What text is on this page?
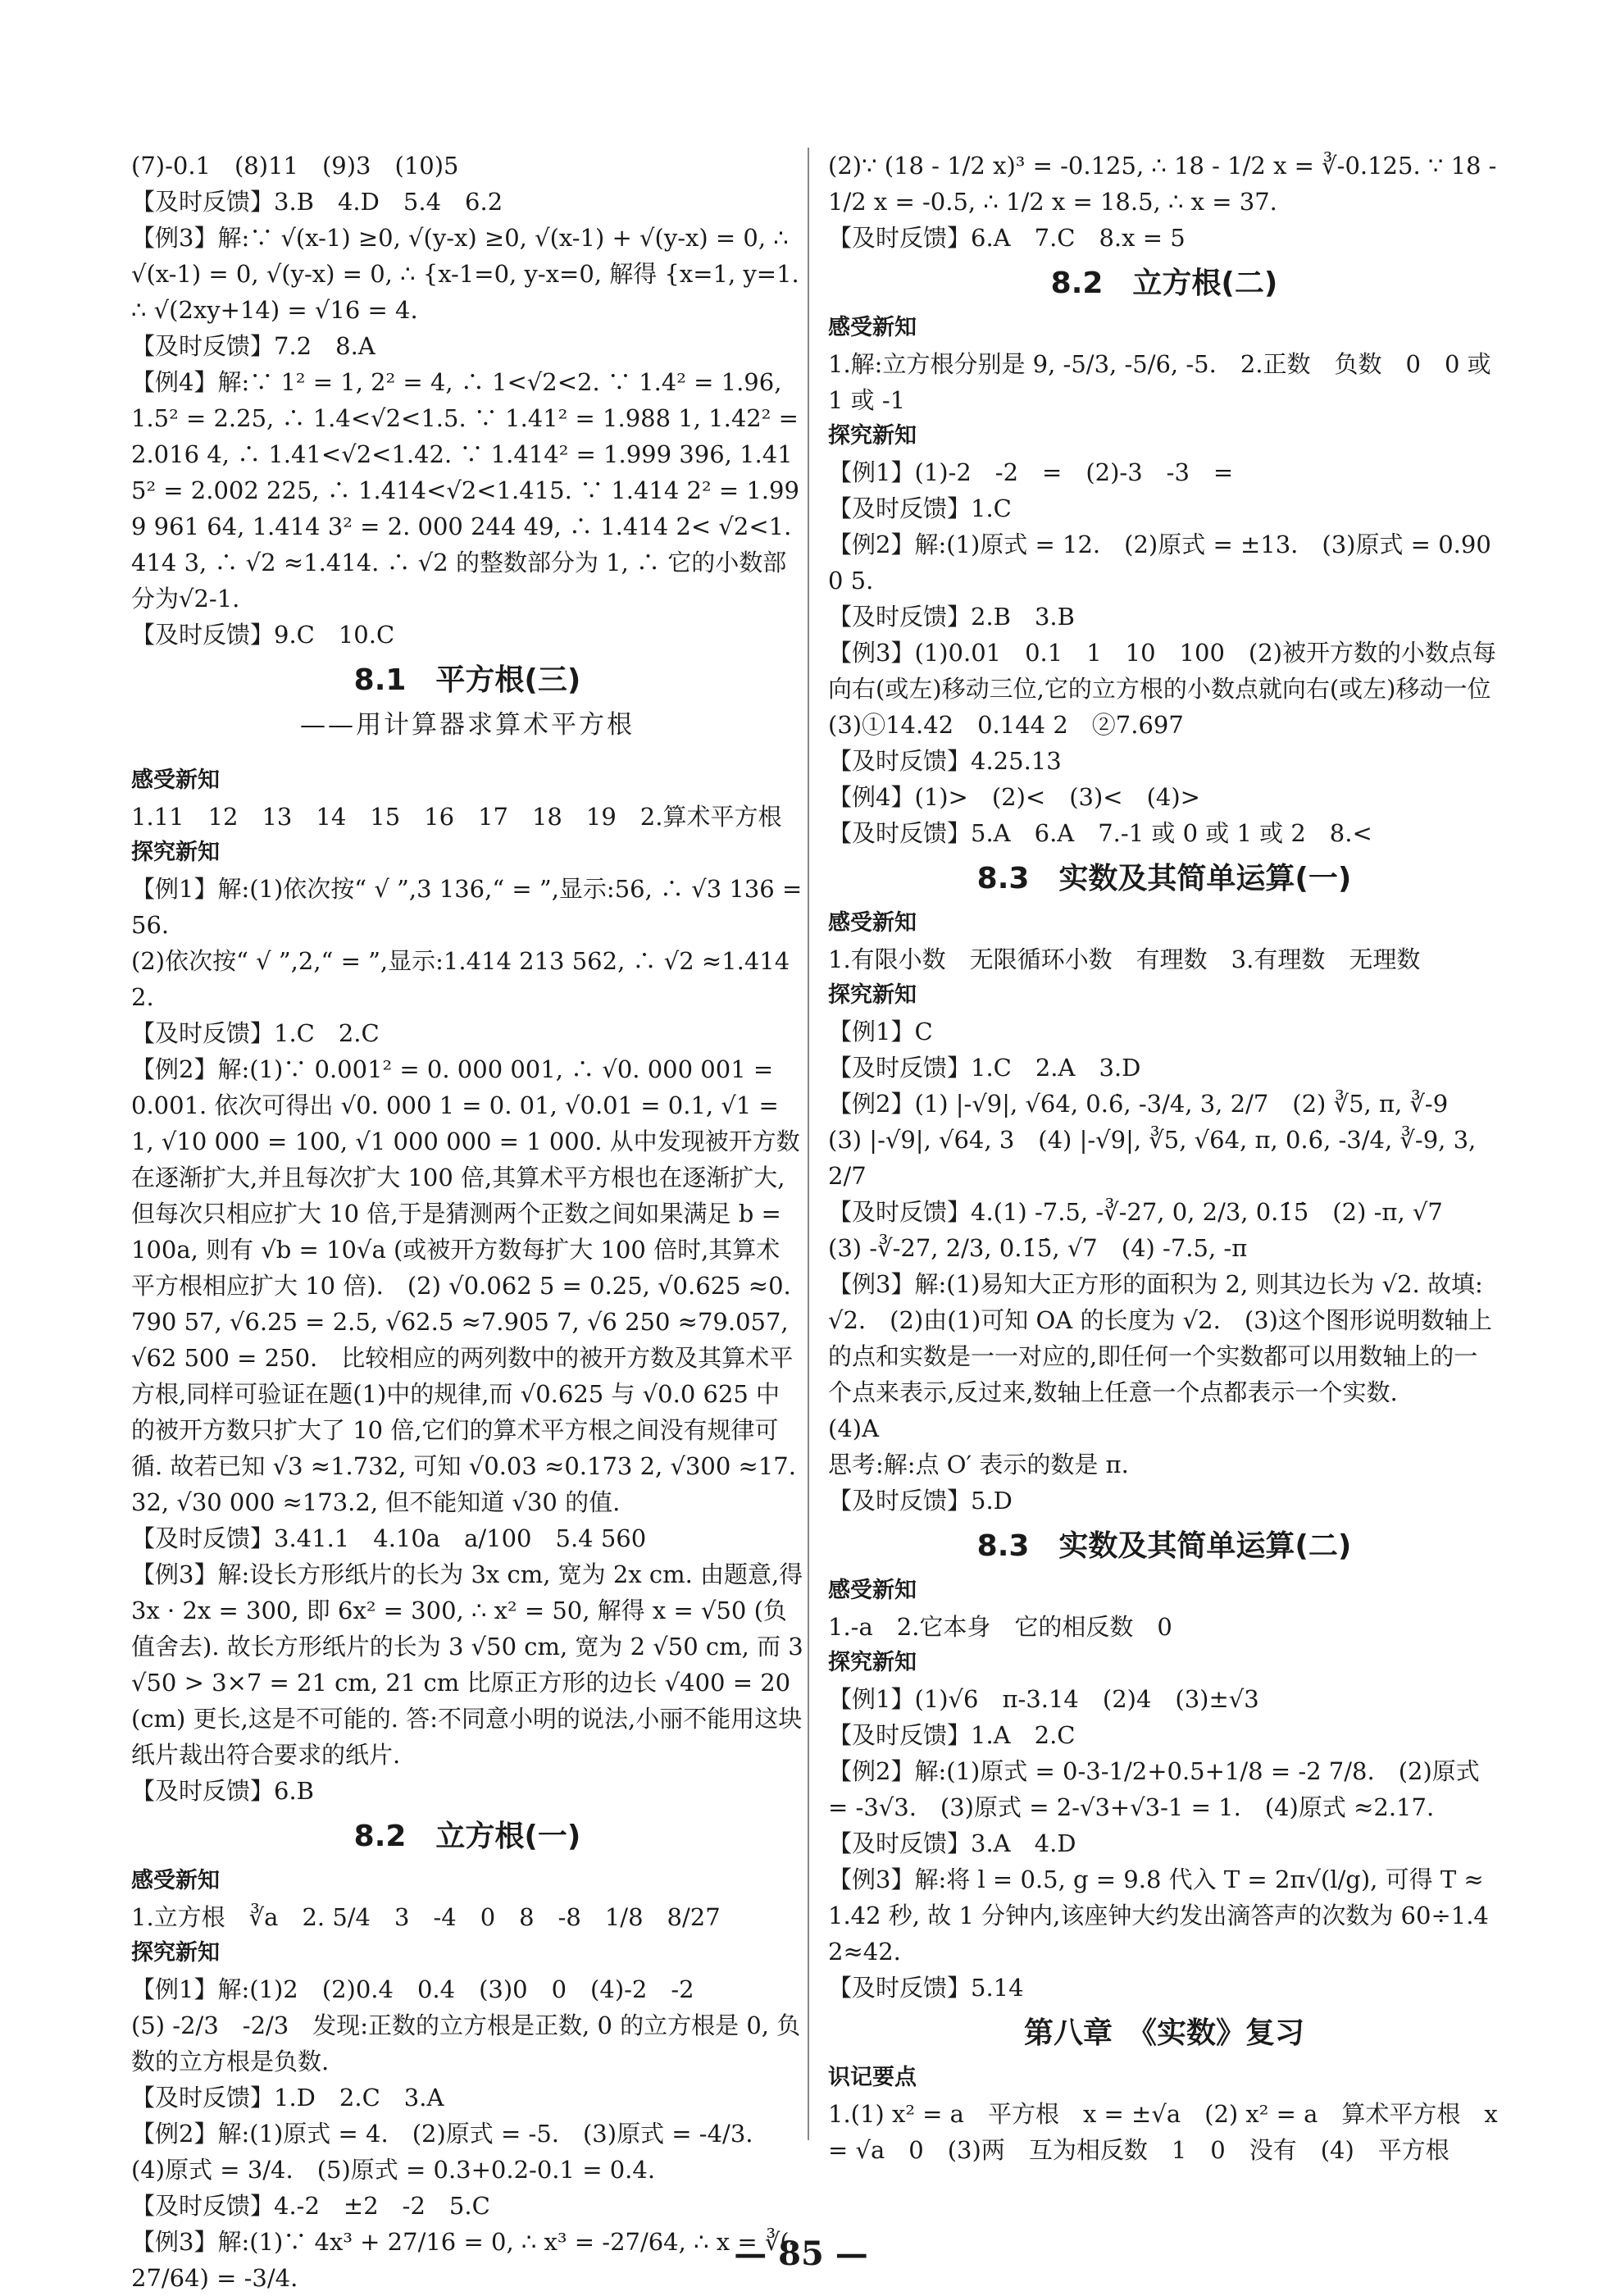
(7)-0.1　(8)11　(9)3　(10)5
【及时反馈】3.B　4.D　5.4　6.2
【例3】解:∵ √(x-1) ≥0, √(y-x) ≥0, √(x-1) + √(y-x) = 0, ∴ √(x-1) = 0, √(y-x) = 0, ∴ {x-1=0, y-x=0, 解得 {x=1, y=1. ∴ √(2xy+14) = √16 = 4.
【及时反馈】7.2　8.A
【例4】解:∵ 1² = 1, 2² = 4, ∴ 1<√2<2. ∵ 1.4² = 1.96, 1.5² = 2.25, ∴ 1.4<√2<1.5. ∵ 1.41² = 1.988 1, 1.42² = 2.016 4, ∴ 1.41<√2<1.42. ∵ 1.414² = 1.999 396, 1.415² = 2.002 225, ∴ 1.414<√2<1.415. ∵ 1.414 2² = 1.999 961 64, 1.414 3² = 2. 000 244 49, ∴ 1.414 2< √2<1.414 3, ∴ √2 ≈1.414. ∴ √2 的整数部分为 1, ∴ 它的小数部分为√2-1.
【及时反馈】9.C　10.C
8.1　平方根(三)
——用计算器求算术平方根
感受新知
1.11　12　13　14　15　16　17　18　19　2.算术平方根
探究新知
【例1】解:(1)依次按“ √ ”,3 136,“ = ”,显示:56, ∴ √3 136 = 56.
(2)依次按“ √ ”,2,“ = ”,显示:1.414 213 562, ∴ √2 ≈1.414 2.
【及时反馈】1.C　2.C
【例2】解:(1)∵ 0.001² = 0. 000 001, ∴ √0. 000 001 = 0.001. 依次可得出 √0. 000 1 = 0. 01, √0.01 = 0.1, √1 = 1, √10 000 = 100, √1 000 000 = 1 000. 从中发现被开方数在逐渐扩大,并且每次扩大 100 倍,其算术平方根也在逐渐扩大,但每次只相应扩大 10 倍,于是猜测两个正数之间如果满足 b = 100a, 则有 √b = 10√a (或被开方数每扩大 100 倍时,其算术平方根相应扩大 10 倍).　(2) √0.062 5 = 0.25, √0.625 ≈0.790 57, √6.25 = 2.5, √62.5 ≈7.905 7, √6 250 ≈79.057, √62 500 = 250.　比较相应的两列数中的被开方数及其算术平方根,同样可验证在题(1)中的规律,而 √0.625 与 √0.0 625 中的被开方数只扩大了 10 倍,它们的算术平方根之间没有规律可循. 故若已知 √3 ≈1.732, 可知 √0.03 ≈0.173 2, √300 ≈17.32, √30 000 ≈173.2, 但不能知道 √30 的值.
【及时反馈】3.41.1　4.10a　a/100　5.4 560
【例3】解:设长方形纸片的长为 3x cm, 宽为 2x cm. 由题意,得 3x · 2x = 300, 即 6x² = 300, ∴ x² = 50, 解得 x = √50 (负值舍去). 故长方形纸片的长为 3 √50 cm, 宽为 2 √50 cm, 而 3 √50 > 3×7 = 21 cm, 21 cm 比原正方形的边长 √400 = 20 (cm) 更长,这是不可能的. 答:不同意小明的说法,小丽不能用这块纸片裁出符合要求的纸片.
【及时反馈】6.B
8.2　立方根(一)
感受新知
1.立方根　∛a　2. 5/4　3　-4　0　8　-8　1/8　8/27
探究新知
【例1】解:(1)2　(2)0.4　0.4　(3)0　0　(4)-2　-2
(5) -2/3　-2/3　发现:正数的立方根是正数, 0 的立方根是 0, 负数的立方根是负数.
【及时反馈】1.D　2.C　3.A
【例2】解:(1)原式 = 4.　(2)原式 = -5.　(3)原式 = -4/3.
(4)原式 = 3/4.　(5)原式 = 0.3+0.2-0.1 = 0.4.
【及时反馈】4.-2　±2　-2　5.C
【例3】解:(1)∵ 4x³ + 27/16 = 0, ∴ x³ = -27/64, ∴ x = ∛(-27/64) = -3/4.
(2)∵ (18 - 1/2 x)³ = -0.125, ∴ 18 - 1/2 x = ∛-0.125. ∵ 18 - 1/2 x = -0.5, ∴ 1/2 x = 18.5, ∴ x = 37.
【及时反馈】6.A　7.C　8.x = 5
8.2　立方根(二)
感受新知
1.解:立方根分别是 9, -5/3, -5/6, -5.　2.正数　负数　0　0 或 1 或 -1
探究新知
【例1】(1)-2　-2　=　(2)-3　-3　=
【及时反馈】1.C
【例2】解:(1)原式 = 12.　(2)原式 = ±13.　(3)原式 = 0.900 5.
【及时反馈】2.B　3.B
【例3】(1)0.01　0.1　1　10　100　(2)被开方数的小数点每向右(或左)移动三位,它的立方根的小数点就向右(或左)移动一位　(3)①14.42　0.144 2　②7.697
【及时反馈】4.25.13
【例4】(1)>　(2)<　(3)<　(4)>
【及时反馈】5.A　6.A　7.-1 或 0 或 1 或 2　8.<
8.3　实数及其简单运算(一)
感受新知
1.有限小数　无限循环小数　有理数　3.有理数　无理数
探究新知
【例1】C
【及时反馈】1.C　2.A　3.D
【例2】(1) |-√9|, √64, 0.6̇, -3/4, 3, 2/7　(2) ∛5, π, ∛-9
(3) |-√9|, √64, 3　(4) |-√9|, ∛5, √64, π, 0.6̇, -3/4, ∛-9, 3, 2/7
【及时反馈】4.(1) -7.5, -∛-27, 0, 2/3, 0.1̇5̇　(2) -π, √7
(3) -∛-27, 2/3, 0.1̇5̇, √7　(4) -7.5, -π
【例3】解:(1)易知大正方形的面积为 2, 则其边长为 √2. 故填: √2.　(2)由(1)可知 OA 的长度为 √2.　(3)这个图形说明数轴上的点和实数是一一对应的,即任何一个实数都可以用数轴上的一个点来表示,反过来,数轴上任意一个点都表示一个实数.
(4)A
思考:解:点 O′ 表示的数是 π.
【及时反馈】5.D
8.3　实数及其简单运算(二)
感受新知
1.-a　2.它本身　它的相反数　0
探究新知
【例1】(1)√6　π-3.14　(2)4　(3)±√3
【及时反馈】1.A　2.C
【例2】解:(1)原式 = 0-3-1/2+0.5+1/8 = -2 7/8.　(2)原式 = -3√3.　(3)原式 = 2-√3+√3-1 = 1.　(4)原式 ≈2.17.
【及时反馈】3.A　4.D
【例3】解:将 l = 0.5, g = 9.8 代入 T = 2π√(l/g), 可得 T ≈1.42 秒, 故 1 分钟内,该座钟大约发出滴答声的次数为 60÷1.42≈42.
【及时反馈】5.14
第八章　《实数》复习
识记要点
1.(1) x² = a　平方根　x = ±√a　(2) x² = a　算术平方根　x = √a　0　(3)两　互为相反数　1　0　没有　(4)　平方根
— 85 —
